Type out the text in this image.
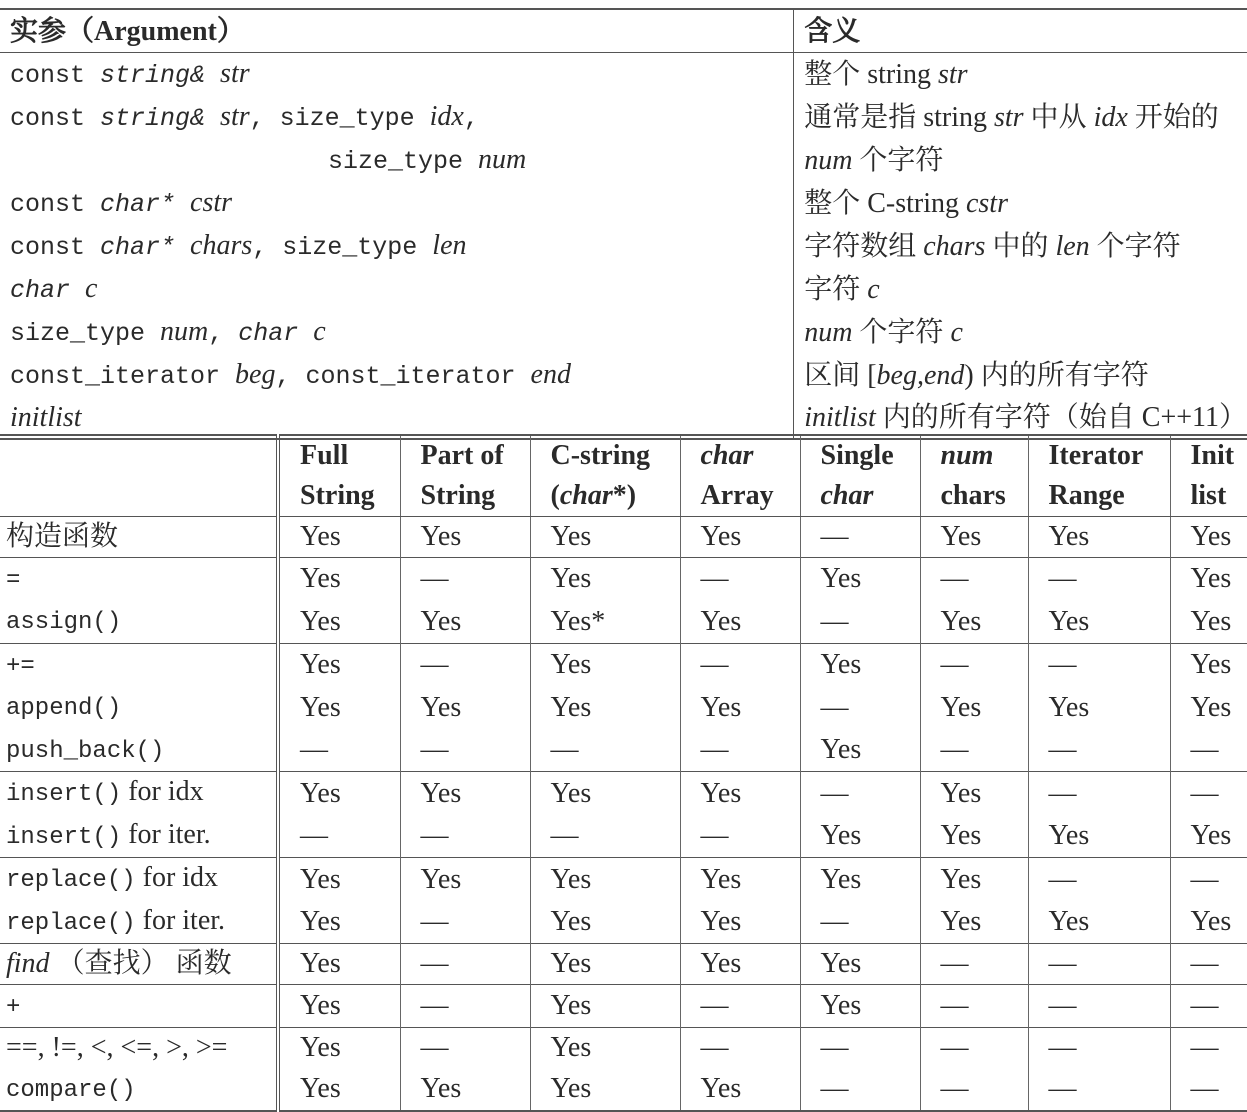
实参（Argument）	含义
const string& str	整个 string str
const string& str, size_type idx,	通常是指 string str 中从 idx 开始的
size_type num	num 个字符
const char* cstr	整个 C-string cstr
const char* chars, size_type len	字符数组 chars 中的 len 个字符
char c	字符 c
size_type num, char c	num 个字符 c
const_iterator beg, const_iterator end	区间 [beg,end) 内的所有字符
initlist	initlist 内的所有字符（始自 C++11）
	Full	Part of	C-string	char	Single	num	Iterator	Init
	String	String	(char*)	Array	char	chars	Range	list
构造函数	Yes	Yes	Yes	Yes	—	Yes	Yes	Yes
=	Yes	—	Yes	—	Yes	—	—	Yes
assign()	Yes	Yes	Yes*	Yes	—	Yes	Yes	Yes
+=	Yes	—	Yes	—	Yes	—	—	Yes
append()	Yes	Yes	Yes	Yes	—	Yes	Yes	Yes
push_back()	—	—	—	—	Yes	—	—	—
insert() for idx	Yes	Yes	Yes	Yes	—	Yes	—	—
insert() for iter.	—	—	—	—	Yes	Yes	Yes	Yes
replace() for idx	Yes	Yes	Yes	Yes	Yes	Yes	—	—
replace() for iter.	Yes	—	Yes	Yes	—	Yes	Yes	Yes
find （查找） 函数	Yes	—	Yes	Yes	Yes	—	—	—
+	Yes	—	Yes	—	Yes	—	—	—
==, !=, <, <=, >, >=	Yes	—	Yes	—	—	—	—	—
compare()	Yes	Yes	Yes	Yes	—	—	—	—
